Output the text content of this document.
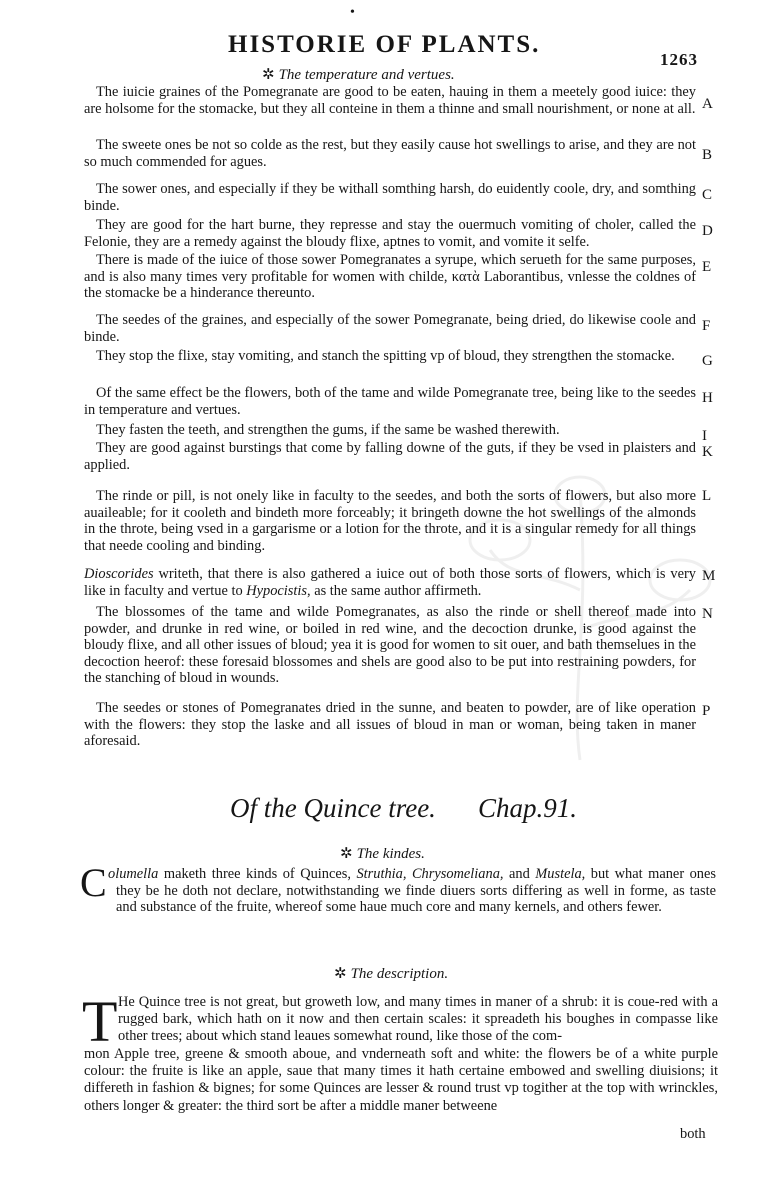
•
HISTORIE OF PLANTS.
1263
✲ The temperature and vertues.
The iuicie graines of the Pomegranate are good to be eaten, hauing in them a meetely good iuice: they are holsome for the stomacke, but they all conteine in them a thinne and small nourishment, or none at all. A
The sweete ones be not so colde as the rest, but they easily cause hot swellings to arise, and they are not so much commended for agues.	B
The sower ones, and especially if they be withall somthing harsh, do euidently coole, dry, and somthing binde.
C
They are good for the hart burne, they represse and stay the ouermuch vomiting of choler, called the Felonie, they are a remedy against the bloudy flixe, aptnes to vomit, and vomite it selfe.
D
There is made of the iuice of those sower Pomegranates a syrupe, which serueth for the same purposes, and is also many times very profitable for women with childe, κατὰ Laborantibus, vnlesse the coldnes of the stomacke be a hinderance thereunto.
E
The seedes of the graines, and especially of the sower Pomegranate, being dried, do likewise coole and binde.
F
They stop the flixe, stay vomiting, and stanch the spitting vp of bloud, they strengthen the stomacke.	G
Of the same effect be the flowers, both of the tame and wilde Pomegranate tree, being like to the seedes in temperature and vertues.
H
They fasten the teeth, and strengthen the gums, if the same be washed therewith.	I
They are good against burstings that come by falling downe of the guts, if they be vsed in plaisters and applied.
K
The rinde or pill, is not onely like in faculty to the seedes, and both the sorts of flowers, but also more auaileable; for it cooleth and bindeth more forceably; it bringeth downe the hot swellings of the almonds in the throte, being vsed in a gargarisme or a lotion for the throte, and it is a singular remedy for all things that neede cooling and binding.
L
Dioscorides writeth, that there is also gathered a iuice out of both those sorts of flowers, which is very like in faculty and vertue to Hypocistis, as the same author affirmeth.
M
The blossomes of the tame and wilde Pomegranates, as also the rinde or shell thereof made into powder, and drunke in red wine, or boiled in red wine, and the decoction drunke, is good against the bloudy flixe, and all other issues of bloud; yea it is good for women to sit ouer, and bath themselues in the decoction heerof: these foresaid blossomes and shels are good also to be put into restraining powders, for the stanching of bloud in wounds.
N
The seedes or stones of Pomegranates dried in the sunne, and beaten to powder, are of like operation with the flowers: they stop the laske and all issues of bloud in man or woman, being taken in maner aforesaid.
P
Of the Quince tree. Chap.91.
✲ The kindes.
C olumella maketh three kinds of Quinces, Struthia, Chrysomeliana, and Mustela, but what maner ones they be he doth not declare, notwithstanding we finde diuers sorts differing as well in forme, as taste and substance of the fruite, whereof some haue much core and many kernels, and others fewer.
✲ The description.
T He Quince tree is not great, but groweth low, and many times in maner of a shrub: it is coue-red with a rugged bark, which hath on it now and then certain scales: it spreadeth his boughes in compasse like other trees; about which stand leaues somewhat round, like those of the com-
mon Apple tree, greene & smooth aboue, and vnderneath soft and white: the flowers be of a white purple colour: the fruite is like an apple, saue that many times it hath certaine embowed and swelling diuisions; it differeth in fashion & bignes; for some Quinces are lesser & round trust vp togither at the top with wrinckles, others longer & greater: the third sort be after a middle maner betweene
both
